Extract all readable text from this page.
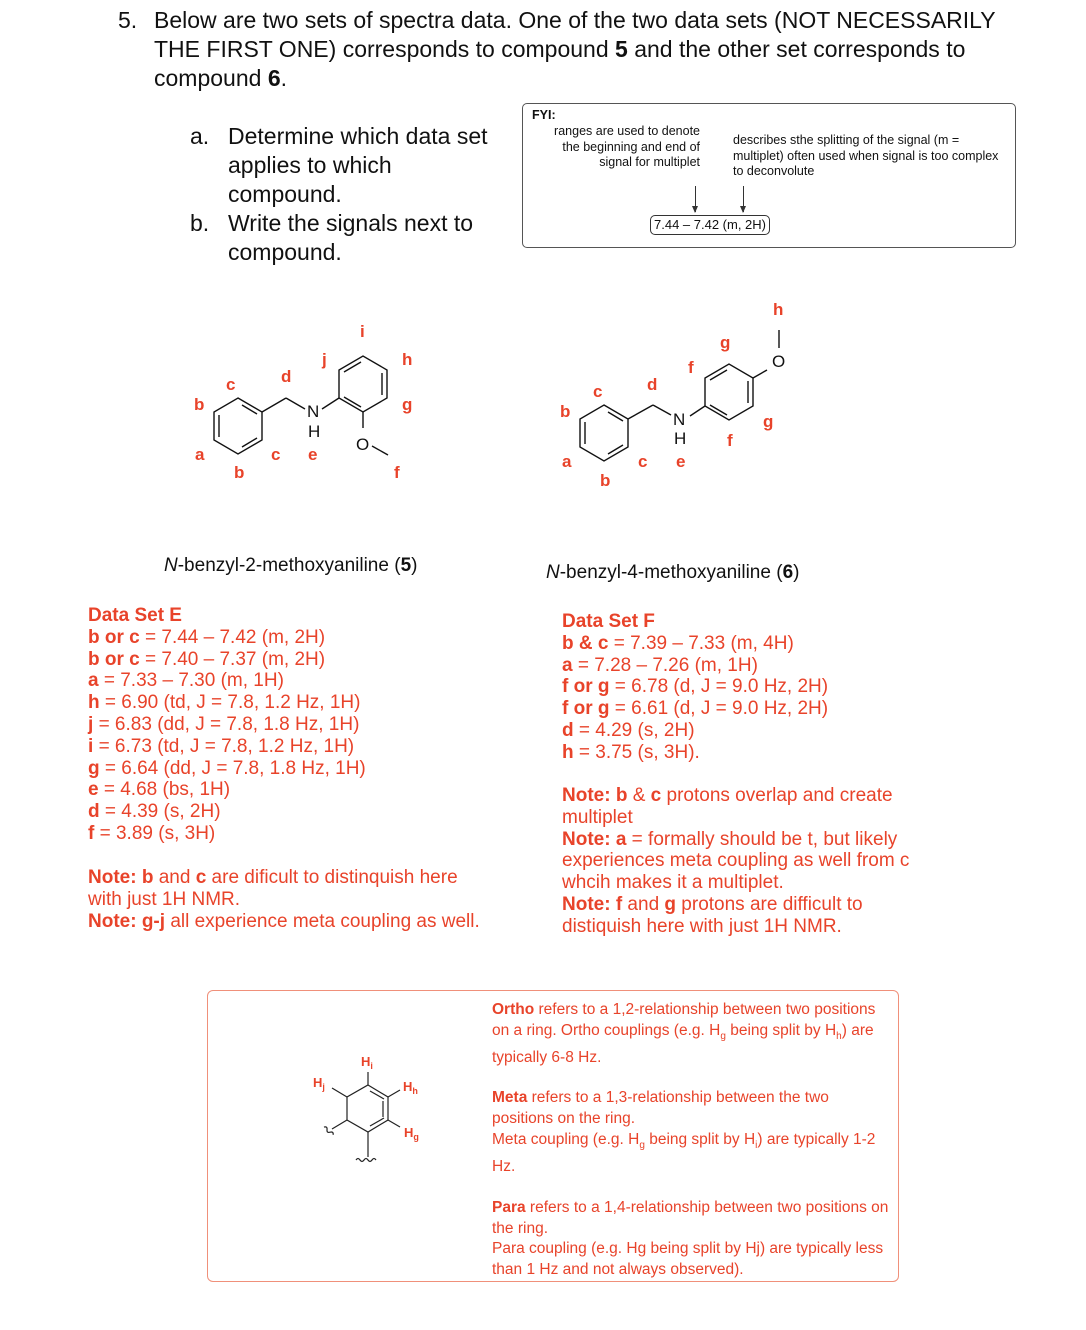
5. Below are two sets of spectra data. One of the two data sets (NOT NECESSARILY THE FIRST ONE) corresponds to compound 5 and the other set corresponds to compound 6.
a. Determine which data set applies to which compound.
b. Write the signals next to compound.
FYI:
ranges are used to denote the beginning and end of signal for multiplet
describes sthe splitting of the signal (m = multiplet) often used when signal is too complex to deconvolute
7.44 – 7.42 (m, 2H)
N
H
O
a
b
b
c
c
d
e
f
g
h
i
j
N
H
O
a
b
b
c
c
d
e
f
f
g
g
h
N-benzyl-2-methoxyaniline (5)	N-benzyl-4-methoxyaniline (6)
Data Set E
b or c = 7.44 – 7.42 (m, 2H)
b or c = 7.40 – 7.37 (m, 2H)
a = 7.33 – 7.30 (m, 1H)
h = 6.90 (td, J = 7.8, 1.2 Hz, 1H)
j = 6.83 (dd, J = 7.8, 1.8 Hz, 1H)
i = 6.73 (td, J = 7.8, 1.2 Hz, 1H)
g = 6.64 (dd, J = 7.8, 1.8 Hz, 1H)
e = 4.68 (bs, 1H)
d = 4.39 (s, 2H)
f = 3.89 (s, 3H)
Note: b and c are dificult to distinquish here with just 1H NMR.
Note: g-j all experience meta coupling as well.
Data Set F
b & c = 7.39 – 7.33 (m, 4H)
a = 7.28 – 7.26 (m, 1H)
f or g = 6.78 (d, J = 9.0 Hz, 2H)
f or g = 6.61 (d, J = 9.0 Hz, 2H)
d = 4.29 (s, 2H)
h = 3.75 (s, 3H).
Note: b & c protons overlap and create multiplet
Note: a = formally should be t, but likely experiences meta coupling as well from c whcih makes it a multiplet.
Note: f and g protons are difficult to distiquish here with just 1H NMR.
$H_i$
$H_j$	$H_h$
$H_g$

Ortho refers to a 1,2-relationship between two positions on a ring. Ortho couplings (e.g. $H_g$ being split by $H_h$) are typically 6-8 Hz.

Meta refers to a 1,3-relationship between the two positions on the ring.
Meta coupling (e.g. $H_g$ being split by $H_i$) are typically 1-2 Hz.

Para refers to a 1,4-relationship between two positions on the ring.
Para coupling (e.g. Hg being split by Hj) are typically less than 1 Hz and not always observed).
